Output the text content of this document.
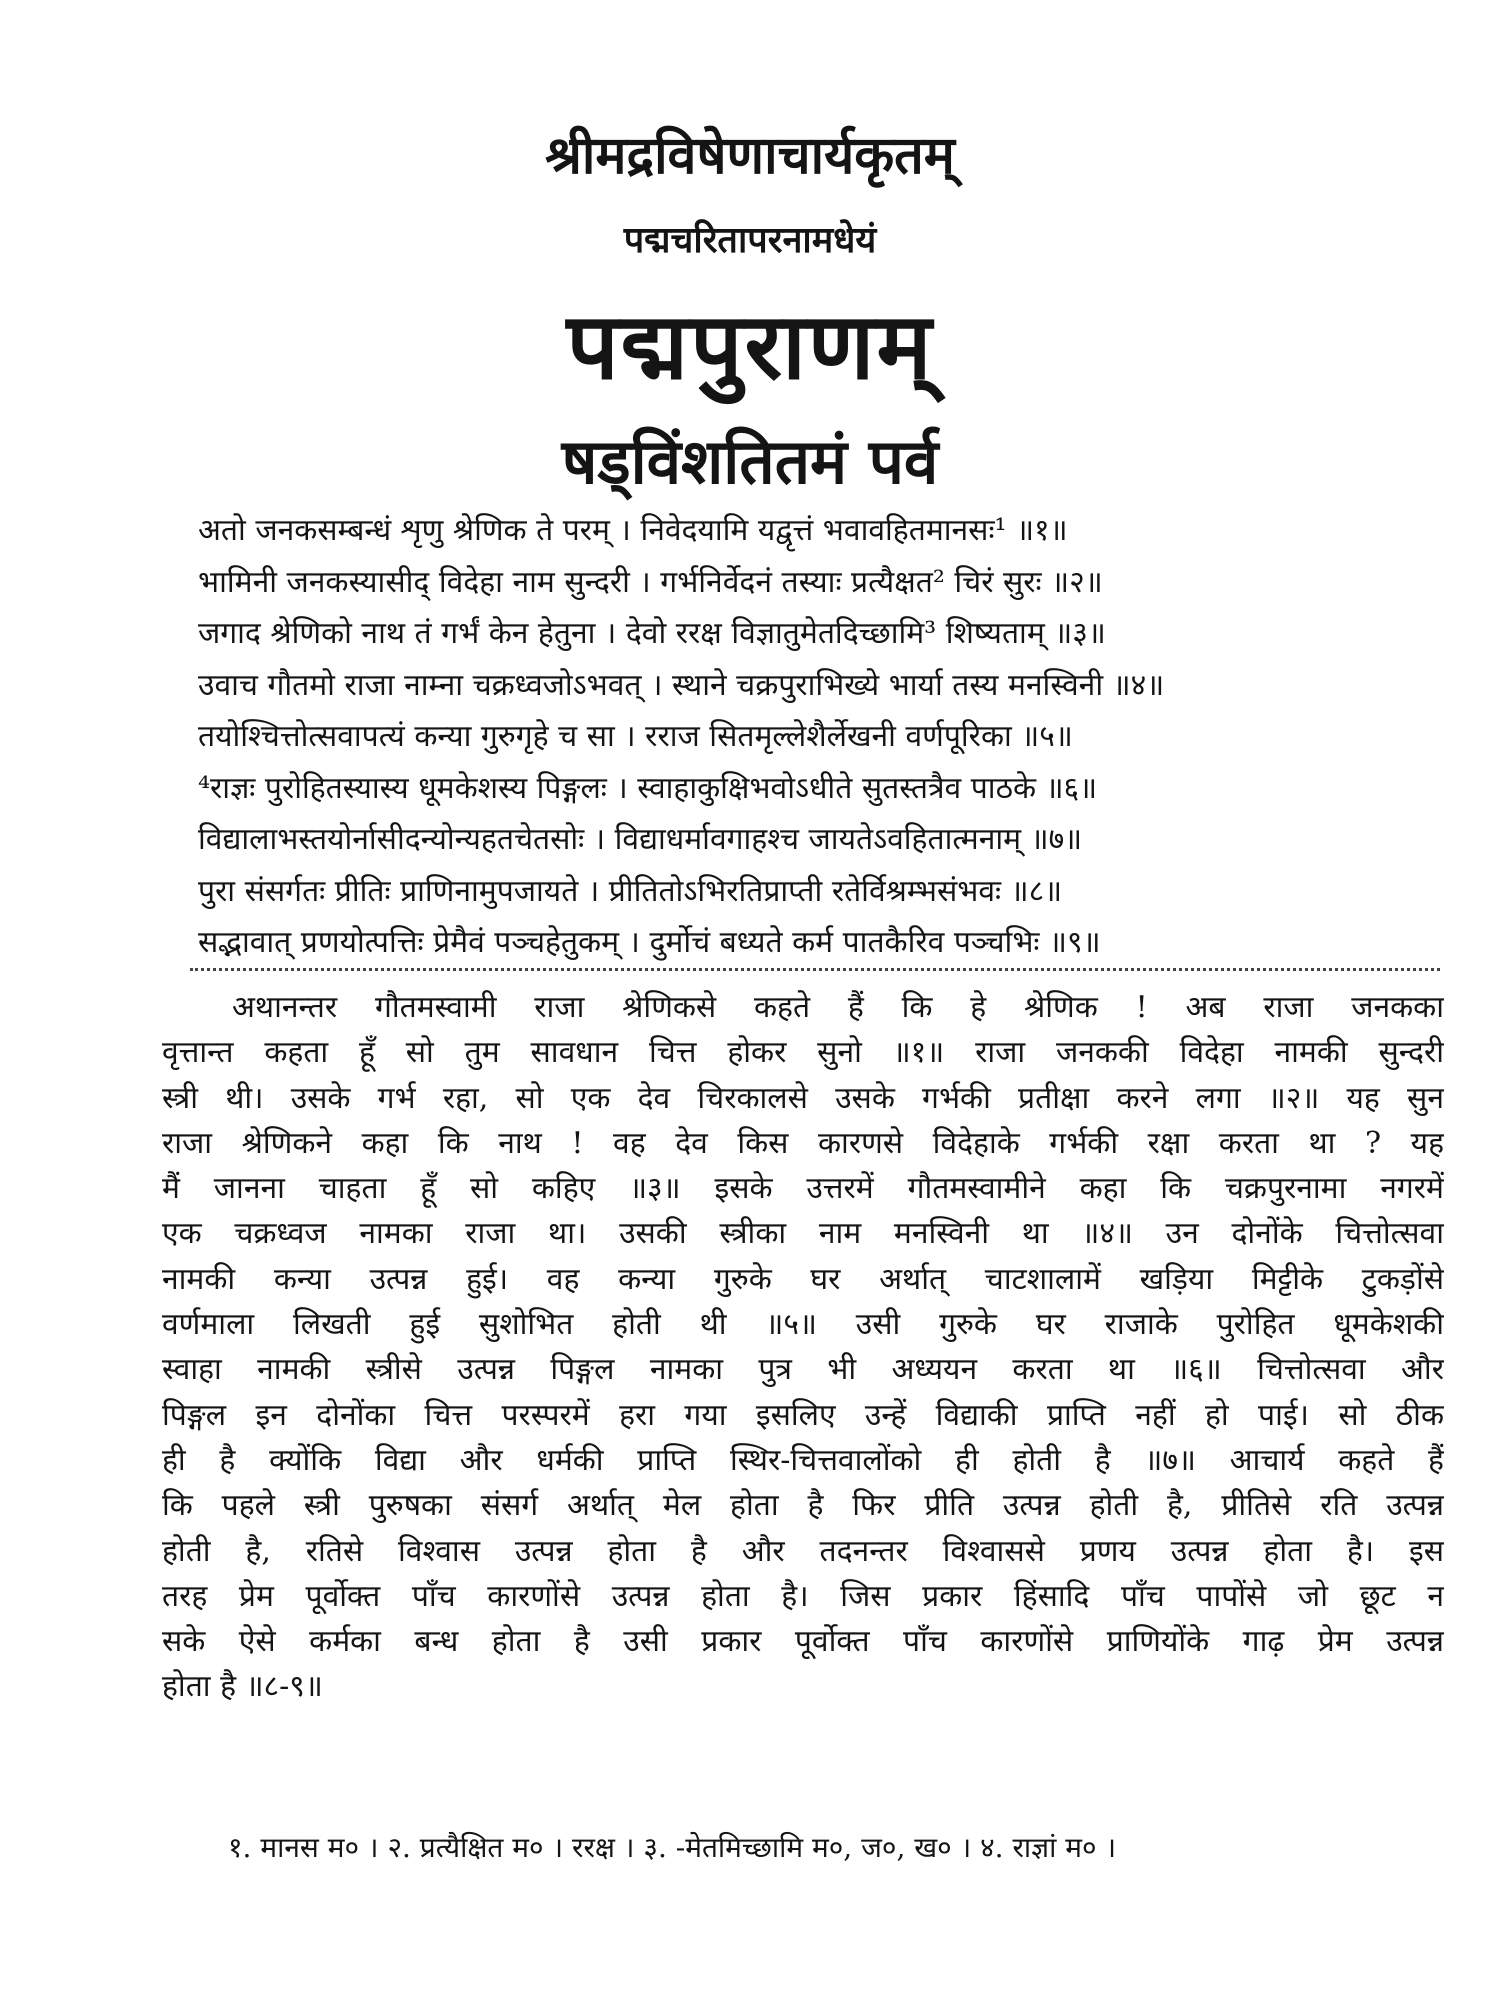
श्रीमद्रविषेणाचार्यकृतम्
पद्मचरितापरनामधेयं
पद्मपुराणम्
षड्विंशतितमं पर्व
अतो जनकसम्बन्धं शृणु श्रेणिक ते परम् । निवेदयामि यद्वृत्तं भवावहितमानसः¹ ॥१॥
भामिनी जनकस्यासीद् विदेहा नाम सुन्दरी । गर्भनिर्वेदनं तस्याः प्रत्यैक्षत² चिरं सुरः ॥२॥
जगाद श्रेणिको नाथ तं गर्भं केन हेतुना । देवो ररक्ष विज्ञातुमेतदिच्छामि³ शिष्यताम् ॥३॥
उवाच गौतमो राजा नाम्ना चक्रध्वजोऽभवत् । स्थाने चक्रपुराभिख्ये भार्या तस्य मनस्विनी ॥४॥
तयोश्चित्तोत्सवापत्यं कन्या गुरुगृहे च सा । रराज सितमृल्लेशैर्लेखनी वर्णपूरिका ॥५॥
⁴राज्ञः पुरोहितस्यास्य धूमकेशस्य पिङ्गलः । स्वाहाकुक्षिभवोऽधीते सुतस्तत्रैव पाठके ॥६॥
विद्यालाभस्तयोर्नासीदन्योन्यहतचेतसोः । विद्याधर्मावगाहश्च जायतेऽवहितात्मनाम् ॥७॥
पुरा संसर्गतः प्रीतिः प्राणिनामुपजायते । प्रीतितोऽभिरतिप्राप्ती रतेर्विश्रम्भसंभवः ॥८॥
सद्भावात् प्रणयोत्पत्तिः प्रेमैवं पञ्चहेतुकम् । दुर्मोचं बध्यते कर्म पातकैरिव पञ्चभिः ॥९॥
अथानन्तर गौतमस्वामी राजा श्रेणिकसे कहते हैं कि हे श्रेणिक ! अब राजा जनकका
वृत्तान्त कहता हूँ सो तुम सावधान चित्त होकर सुनो ॥१॥ राजा जनककी विदेहा नामकी सुन्दरी
स्त्री थी। उसके गर्भ रहा, सो एक देव चिरकालसे उसके गर्भकी प्रतीक्षा करने लगा ॥२॥ यह सुन
राजा श्रेणिकने कहा कि नाथ ! वह देव किस कारणसे विदेहाके गर्भकी रक्षा करता था ? यह
मैं जानना चाहता हूँ सो कहिए ॥३॥ इसके उत्तरमें गौतमस्वामीने कहा कि चक्रपुरनामा नगरमें
एक चक्रध्वज नामका राजा था। उसकी स्त्रीका नाम मनस्विनी था ॥४॥ उन दोनोंके चित्तोत्सवा
नामकी कन्या उत्पन्न हुई। वह कन्या गुरुके घर अर्थात् चाटशालामें खड़िया मिट्टीके टुकड़ोंसे
वर्णमाला लिखती हुई सुशोभित होती थी ॥५॥ उसी गुरुके घर राजाके पुरोहित धूमकेशकी
स्वाहा नामकी स्त्रीसे उत्पन्न पिङ्गल नामका पुत्र भी अध्ययन करता था ॥६॥ चित्तोत्सवा और
पिङ्गल इन दोनोंका चित्त परस्परमें हरा गया इसलिए उन्हें विद्याकी प्राप्ति नहीं हो पाई। सो ठीक
ही है क्योंकि विद्या और धर्मकी प्राप्ति स्थिर-चित्तवालोंको ही होती है ॥७॥ आचार्य कहते हैं
कि पहले स्त्री पुरुषका संसर्ग अर्थात् मेल होता है फिर प्रीति उत्पन्न होती है, प्रीतिसे रति उत्पन्न
होती है, रतिसे विश्वास उत्पन्न होता है और तदनन्तर विश्वाससे प्रणय उत्पन्न होता है। इस
तरह प्रेम पूर्वोक्त पाँच कारणोंसे उत्पन्न होता है। जिस प्रकार हिंसादि पाँच पापोंसे जो छूट न
सके ऐसे कर्मका बन्ध होता है उसी प्रकार पूर्वोक्त पाँच कारणोंसे प्राणियोंके गाढ़ प्रेम उत्पन्न
होता है ॥८-९॥
१. मानस म० । २. प्रत्यैक्षित म० । ररक्ष । ३. -मेतमिच्छामि म०, ज०, ख० । ४. राज्ञां म० ।
